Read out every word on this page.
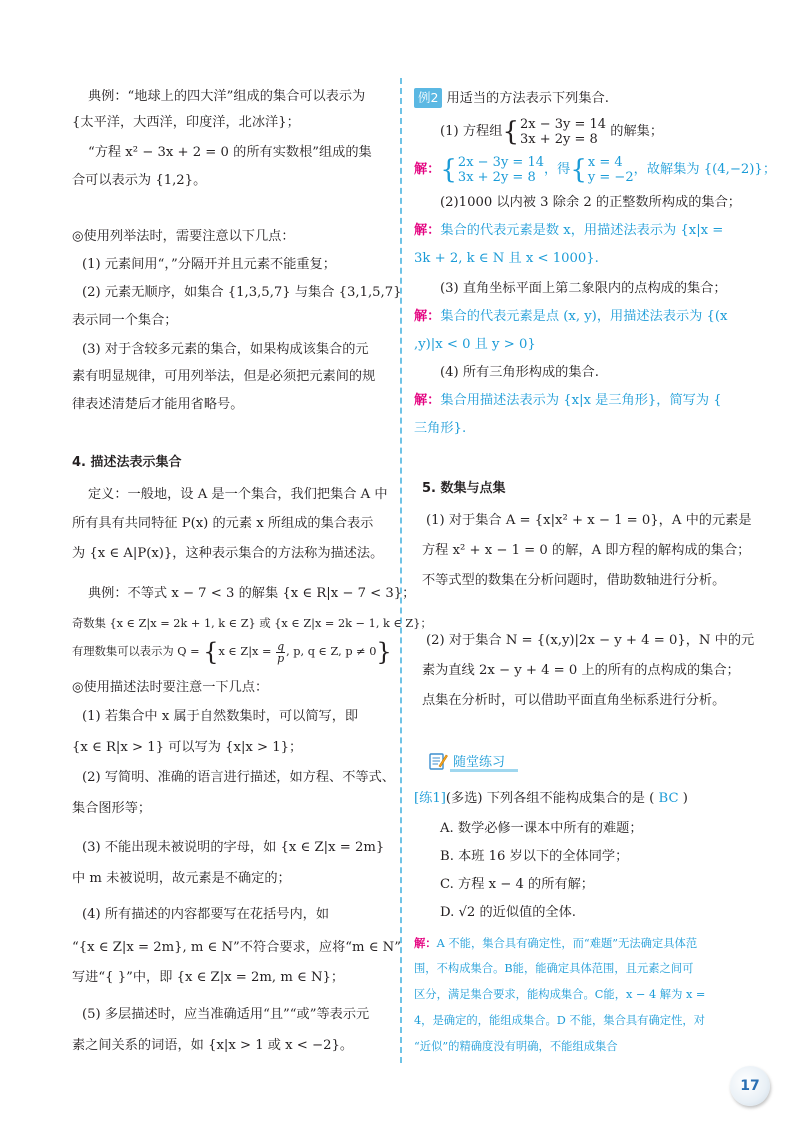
典例：“地球上的四大洋”组成的集合可以表示为
{太平洋，大西洋，印度洋，北冰洋}；
“方程 x² − 3x + 2 = 0 的所有实数根”组成的集
合可以表示为 {1,2}。
◎使用列举法时，需要注意以下几点：
(1) 元素间用“，”分隔开并且元素不能重复；
(2) 元素无顺序，如集合 {1,3,5,7} 与集合 {3,1,5,7}
表示同一个集合；
(3) 对于含较多元素的集合，如果构成该集合的元
素有明显规律，可用列举法，但是必须把元素间的规
律表述清楚后才能用省略号。
4. 描述法表示集合
定义：一般地，设 A 是一个集合，我们把集合 A 中
所有具有共同特征 P(x) 的元素 x 所组成的集合表示
为 {x ∈ A|P(x)}，这种表示集合的方法称为描述法。
典例：不等式 x − 7 < 3 的解集 {x ∈ R|x − 7 < 3}；
奇数集 {x ∈ Z|x = 2k + 1, k ∈ Z} 或 {x ∈ Z|x = 2k − 1, k ∈ Z}；
有理数集可以表示为 Q = {x ∈ $Z|x = \frac{q}{p}$, p, q ∈ Z, p ≠ 0}
◎使用描述法时要注意一下几点：
(1) 若集合中 x 属于自然数集时，可以简写，即
{x ∈ R|x > 1} 可以写为 {x|x > 1}；
(2) 写简明、准确的语言进行描述，如方程、不等式、
集合图形等；
(3) 不能出现未被说明的字母，如 {x ∈ Z|x = 2m}
中 m 未被说明，故元素是不确定的；
(4) 所有描述的内容都要写在花括号内，如
“{x ∈ Z|x = 2m}, m ∈ N”不符合要求，应将“m ∈ N”
写进“{ }”中，即 {x ∈ Z|x = 2m, m ∈ N}；
(5) 多层描述时，应当准确适用“且”“或”等表示元
素之间关系的词语，如 {x|x > 1 或 x < −2}。
例2 用适当的方法表示下列集合.
(1) 方程组{ 2x − 3y = 14
3x + 2y = 8 的解集；
解：{ 2x − 3y = 14
3x + 2y = 8 ，得{ x = 4
y = −2 ，故解集为 {(4,−2)}；
(2)1000 以内被 3 除余 2 的正整数所构成的集合；
解：集合的代表元素是数 x，用描述法表示为 {x|x =
3k + 2, k ∈ N 且 x < 1000}.
(3) 直角坐标平面上第二象限内的点构成的集合；
解：集合的代表元素是点 (x, y)，用描述法表示为 {(x
,y)|x < 0 且 y > 0}
(4) 所有三角形构成的集合.
解：集合用描述法表示为 {x|x 是三角形}，简写为 {
三角形}.
5. 数集与点集
(1) 对于集合 A = {x|x² + x − 1 = 0}，A 中的元素是
方程 x² + x − 1 = 0 的解，A 即方程的解构成的集合；
不等式型的数集在分析问题时，借助数轴进行分析。
(2) 对于集合 N = {(x,y)|2x − y + 4 = 0}，N 中的元
素为直线 2x − y + 4 = 0 上的所有的点构成的集合；
点集在分析时，可以借助平面直角坐标系进行分析。
[练1](多选) 下列各组不能构成集合的是 ( BC )
A. 数学必修一课本中所有的难题；
B. 本班 16 岁以下的全体同学；
C. 方程 x − 4 的所有解；
D. √2 的近似值的全体.
解：A 不能，集合具有确定性，而“难题”无法确定具体范
围，不构成集合。B能，能确定具体范围，且元素之间可
区分，满足集合要求，能构成集合。C能，x − 4 解为 x =
4，是确定的，能组成集合。D 不能，集合具有确定性，对
“近似”的精确度没有明确，不能组成集合
随堂练习
17
